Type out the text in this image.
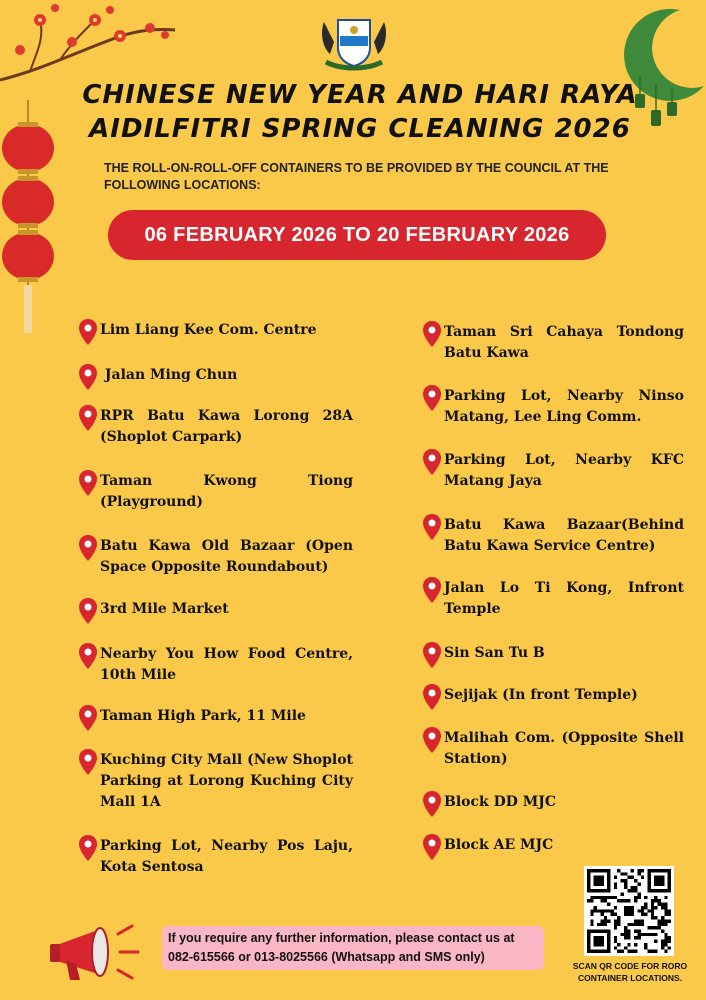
CHINESE NEW YEAR AND HARI RAYA
AIDILFITRI SPRING CLEANING 2026
THE ROLL-ON-ROLL-OFF CONTAINERS TO BE PROVIDED BY THE COUNCIL AT THE FOLLOWING LOCATIONS:
06 FEBRUARY 2026 TO 20 FEBRUARY 2026
Lim Liang Kee Com. Centre
Jalan Ming Chun
RPR Batu Kawa Lorong 28A (Shoplot Carpark)
Taman Kwong Tiong (Playground)
Batu Kawa Old Bazaar (Open Space Opposite Roundabout)
3rd Mile Market
Nearby You How Food Centre, 10th Mile
Taman High Park, 11 Mile
Kuching City Mall (New Shoplot Parking at Lorong Kuching City Mall 1A
Parking Lot, Nearby Pos Laju, Kota Sentosa
Taman Sri Cahaya Tondong Batu Kawa
Parking Lot, Nearby Ninso Matang, Lee Ling Comm.
Parking Lot, Nearby KFC Matang Jaya
Batu Kawa Bazaar(Behind Batu Kawa Service Centre)
Jalan Lo Ti Kong, Infront Temple
Sin San Tu B
Sejijak (In front Temple)
Malihah Com. (Opposite Shell Station)
Block DD MJC
Block AE MJC
If you require any further information, please contact us at 082-615566 or 013-8025566 (Whatsapp and SMS only)
SCAN QR CODE FOR RORO CONTAINER LOCATIONS.
